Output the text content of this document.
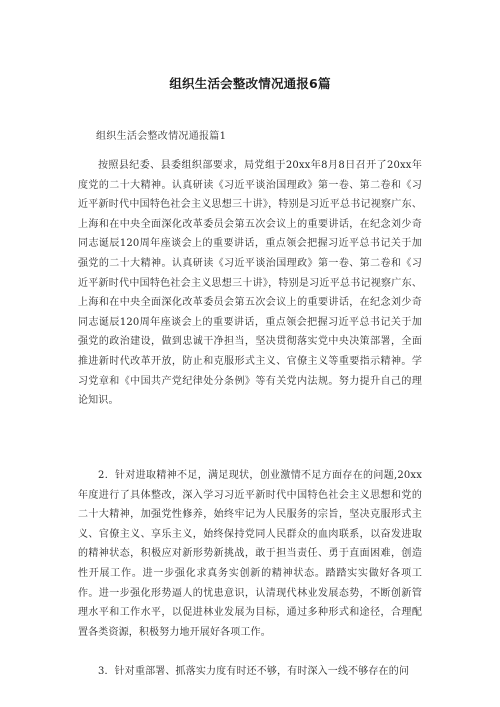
组织生活会整改情况通报6篇
组织生活会整改情况通报篇1
按照县纪委、县委组织部要求，局党组于20xx年8月8日召开了20xx年度党的二十大精神。认真研读《习近平谈治国理政》第一卷、第二卷和《习近平新时代中国特色社会主义思想三十讲》，特别是习近平总书记视察广东、上海和在中央全面深化改革委员会第五次会议上的重要讲话，在纪念刘少奇同志诞辰120周年座谈会上的重要讲话，重点领会把握习近平总书记关于加强党的二十大精神。认真研读《习近平谈治国理政》第一卷、第二卷和《习近平新时代中国特色社会主义思想三十讲》，特别是习近平总书记视察广东、上海和在中央全面深化改革委员会第五次会议上的重要讲话，在纪念刘少奇同志诞辰120周年座谈会上的重要讲话，重点领会把握习近平总书记关于加强党的政治建设，做到忠诚干净担当，坚决贯彻落实党中央决策部署，全面推进新时代改革开放，防止和克服形式主义、官僚主义等重要指示精神。学习党章和《中国共产党纪律处分条例》等有关党内法规。努力提升自己的理论知识。
2．针对进取精神不足，满足现状，创业激情不足方面存在的问题,20xx年度进行了具体整改，深入学习习近平新时代中国特色社会主义思想和党的二十大精神，加强党性修养，始终牢记为人民服务的宗旨，坚决克服形式主义、官僚主义、享乐主义，始终保持党同人民群众的血肉联系，以奋发进取的精神状态，积极应对新形势新挑战，敢于担当责任、勇于直面困难，创造性开展工作。进一步强化求真务实创新的精神状态。踏踏实实做好各项工作。进一步强化形势逼人的忧患意识，认清现代林业发展态势，不断创新管理水平和工作水平，以促进林业发展为目标，通过多种形式和途径，合理配置各类资源，积极努力地开展好各项工作。
3．针对重部署、抓落实力度有时还不够，有时深入一线不够存在的问
